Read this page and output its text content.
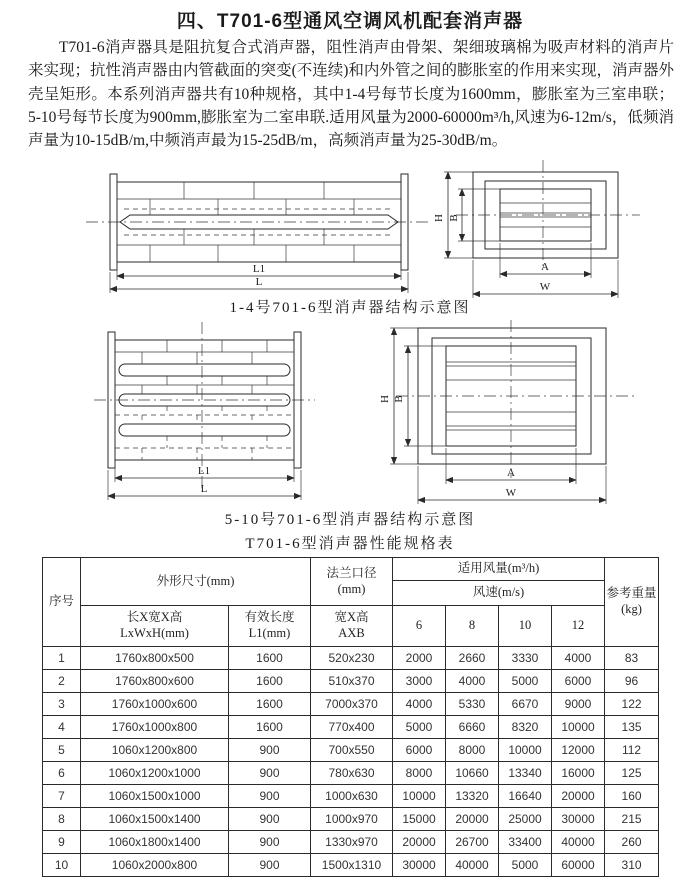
四、T701-6型通风空调风机配套消声器
T701-6消声器具是阻抗复合式消声器，阻性消声由骨架、架细玻璃棉为吸声材料的消声片来实现；抗性消声器由内管截面的突变(不连续)和内外管之间的膨胀室的作用来实现，消声器外壳呈矩形。本系列消声器共有10种规格，其中1-4号每节长度为1600mm，膨胀室为三室串联；5-10号每节长度为900mm,膨胀室为二室串联.适用风量为2000-60000m³/h,风速为6-12m/s，低频消声量为10-15dB/m,中频消声最为15-25dB/m，高频消声量为25-30dB/m。
L1
L
H B
A
W
1-4号701-6型消声器结构示意图
L1
L
H B
A
W
5-10号701-6型消声器结构示意图
T701-6型消声器性能规格表
序号	外形尺寸(mm)		法兰口径
(mm)	适用风量(m³/h)				参考重量
(kg)

				风速(m/s)				

	长X宽X高
LxWxH(mm)	有效长度
L1(mm)	宽X高
AXB	6	8	10	12	
1	1760x800x500	1600	520x230	2000	2660	3330	4000	83
2	1760x800x600	1600	510x370	3000	4000	5000	6000	96
3	1760x1000x600	1600	7000x370	4000	5330	6670	9000	122
4	1760x1000x800	1600	770x400	5000	6660	8320	10000	135
5	1060x1200x800	900	700x550	6000	8000	10000	12000	112
6	1060x1200x1000	900	780x630	8000	10660	13340	16000	125
7	1060x1500x1000	900	1000x630	10000	13320	16640	20000	160
8	1060x1500x1400	900	1000x970	15000	20000	25000	30000	215
9	1060x1800x1400	900	1330x970	20000	26700	33400	40000	260
10	1060x2000x800	900	1500x1310	30000	40000	5000	60000	310
